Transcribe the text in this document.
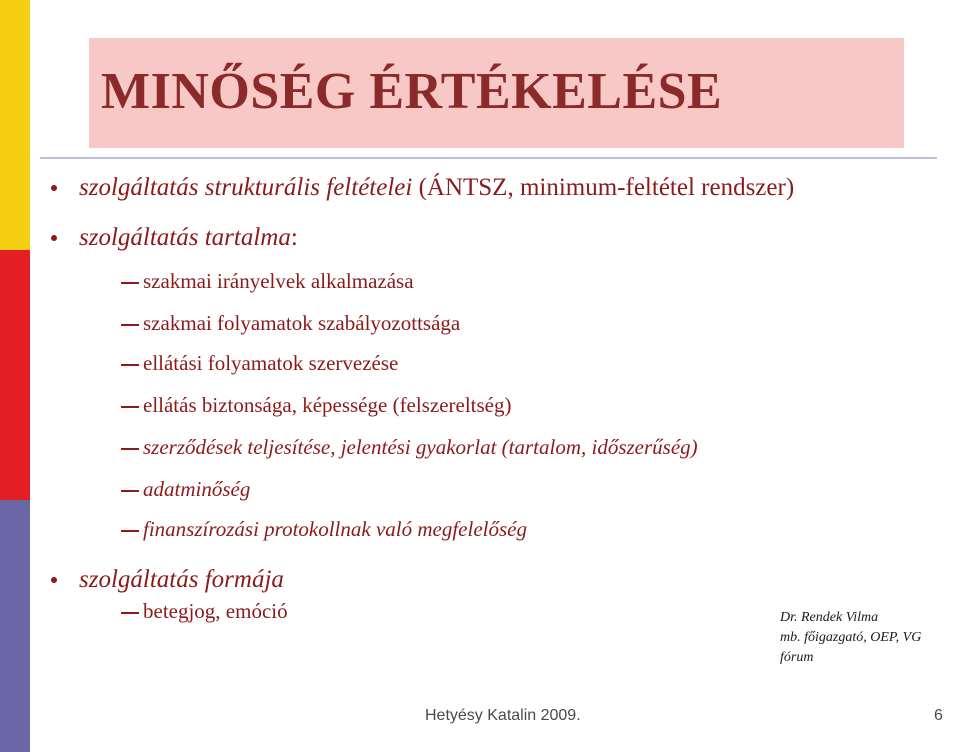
MINŐSÉG ÉRTÉKELÉSE
szolgáltatás strukturális feltételei (ÁNTSZ, minimum-feltétel rendszer)
szolgáltatás tartalma:
szakmai irányelvek alkalmazása
szakmai folyamatok szabályozottsága
ellátási folyamatok szervezése
ellátás biztonsága, képessége (felszereltség)
szerződések teljesítése, jelentési gyakorlat (tartalom, időszerűség)
adatminőség
finanszírozási protokollnak való megfelelőség
szolgáltatás formája
betegjog, emóció	Dr. Rendek Vilma
mb. főigazgató, OEP, VG
fórum
Hetyésy Katalin 2009.	6
